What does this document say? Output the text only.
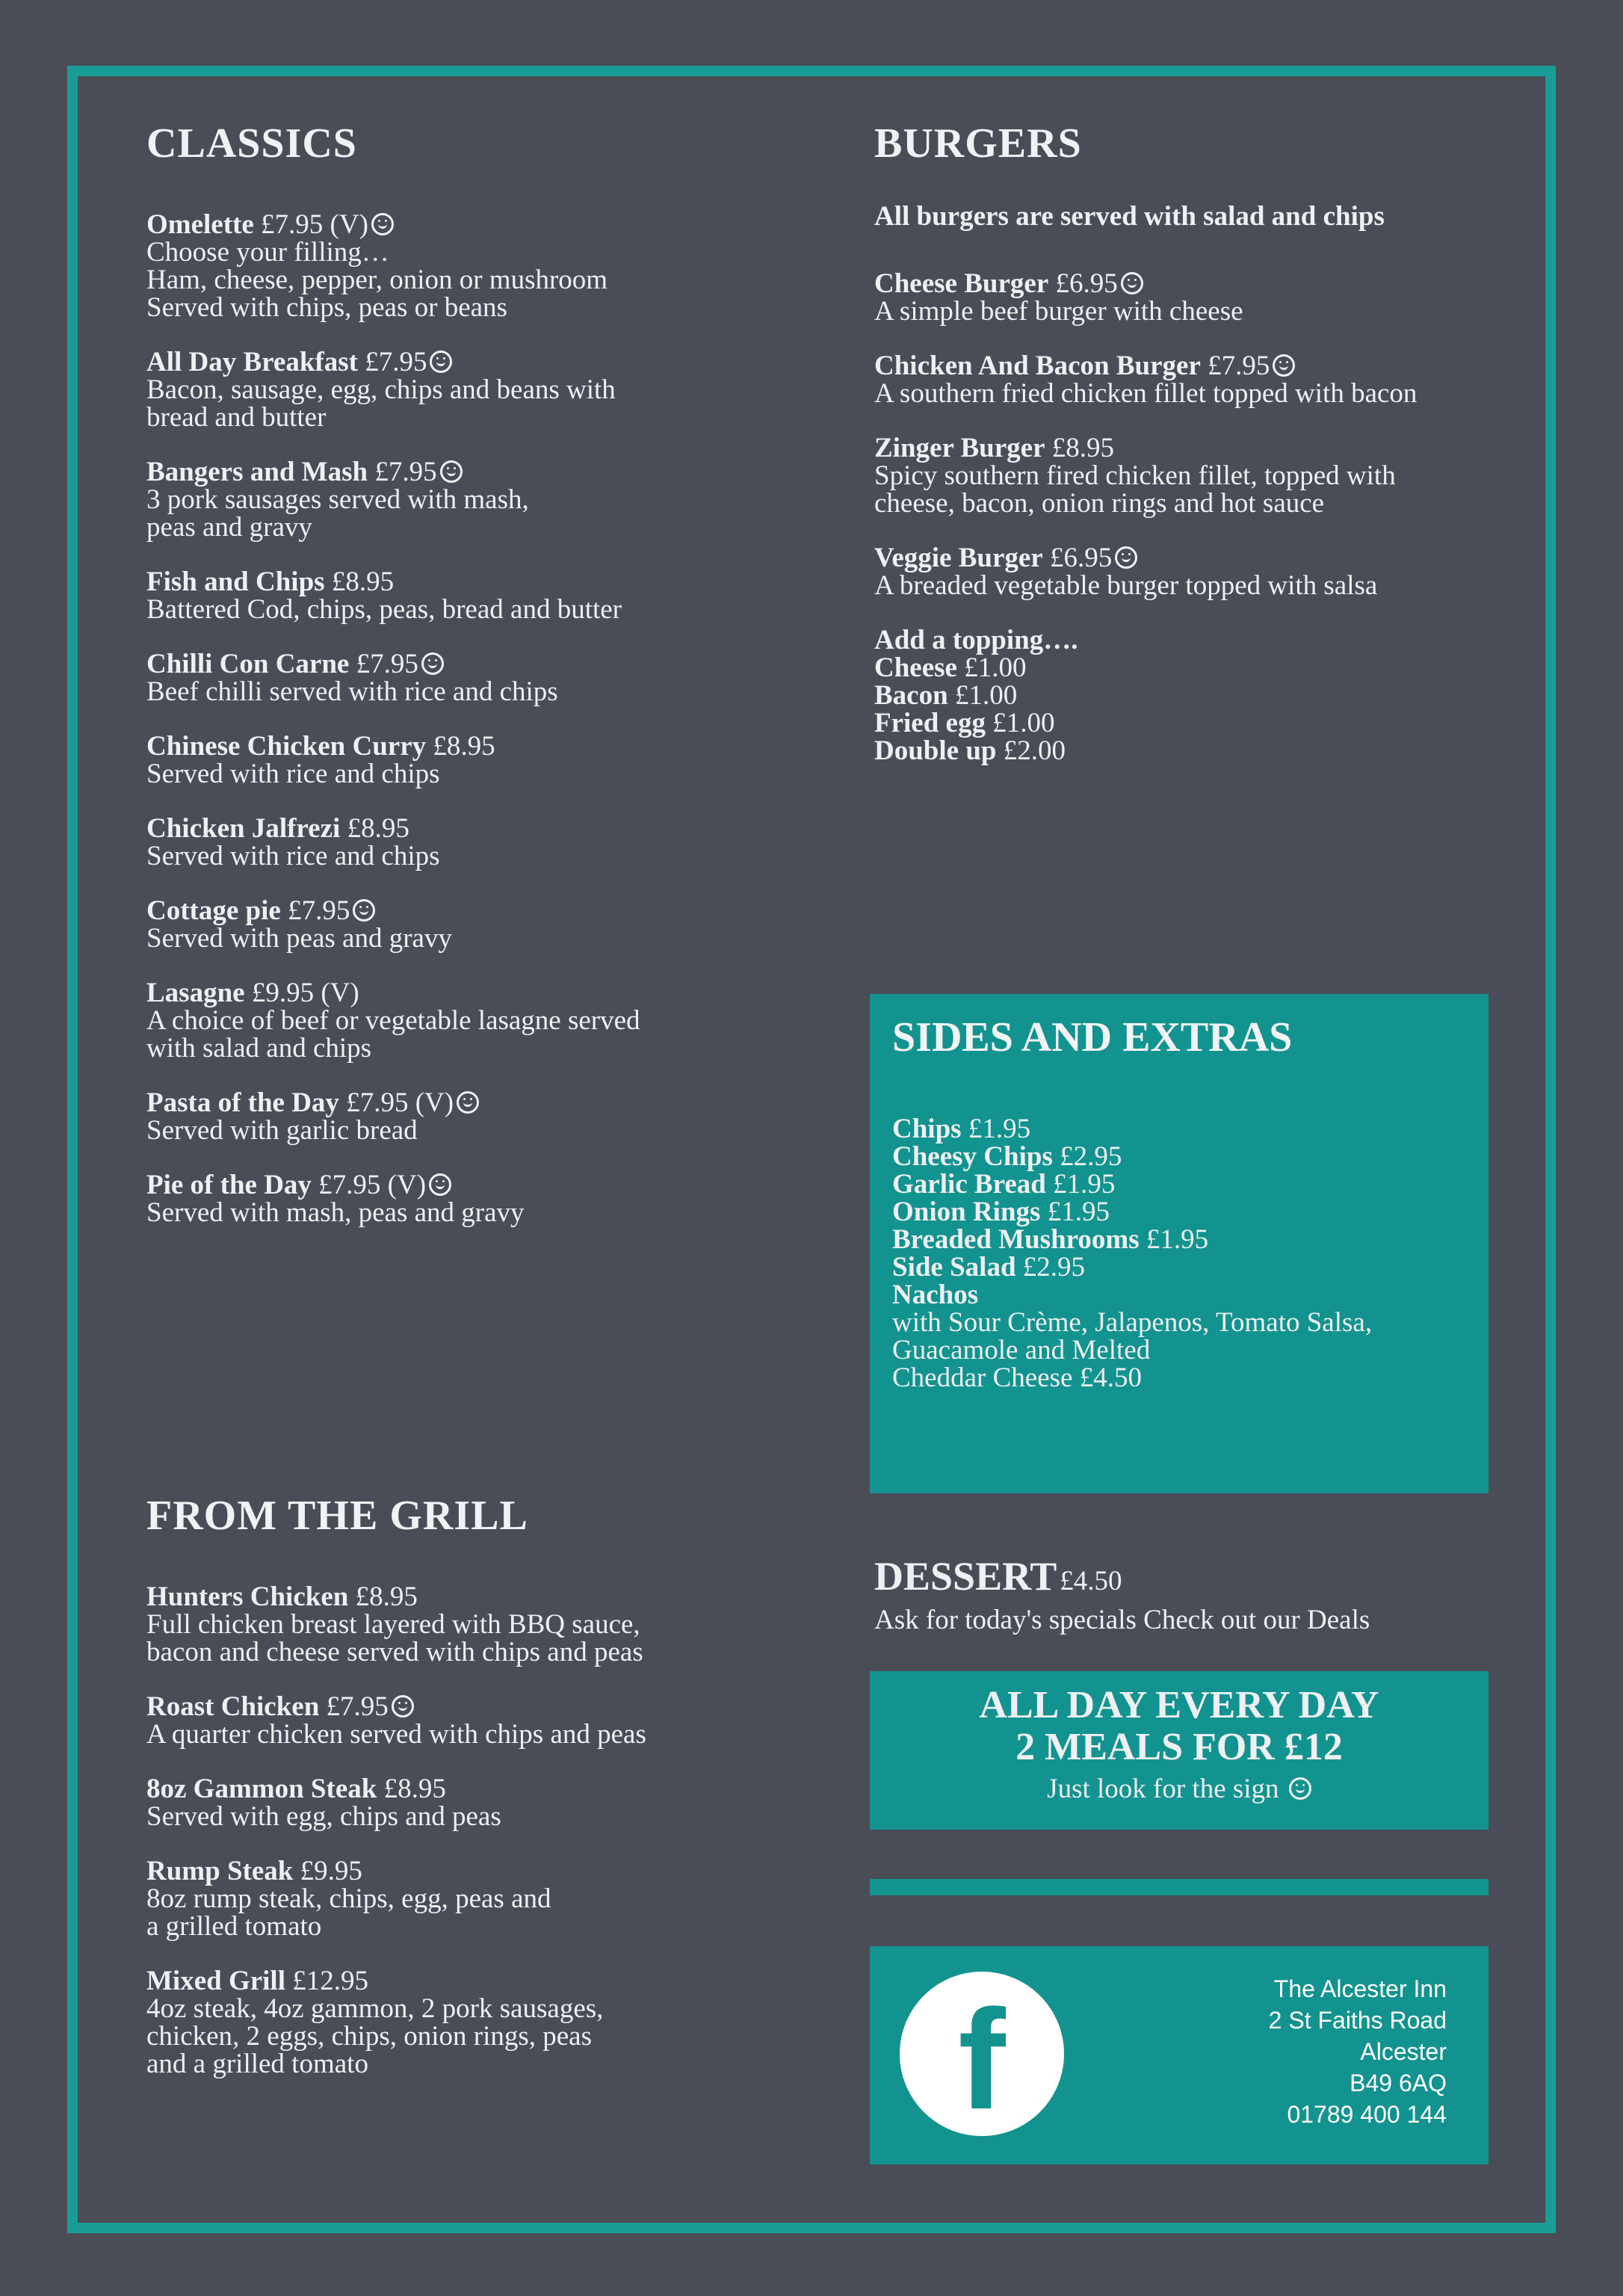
CLASSICS
Omelette £7.95 (V)
Choose your filling…
Ham, cheese, pepper, onion or mushroom
Served with chips, peas or beans
All Day Breakfast £7.95
Bacon, sausage, egg, chips and beans with
bread and butter
Bangers and Mash £7.95
3 pork sausages served with mash,
peas and gravy
Fish and Chips £8.95
Battered Cod, chips, peas, bread and butter
Chilli Con Carne £7.95
Beef chilli served with rice and chips
Chinese Chicken Curry £8.95
Served with rice and chips
Chicken Jalfrezi £8.95
Served with rice and chips
Cottage pie £7.95
Served with peas and gravy
Lasagne £9.95 (V)
A choice of beef or vegetable lasagne served
with salad and chips
Pasta of the Day £7.95 (V)
Served with garlic bread
Pie of the Day £7.95 (V)
Served with mash, peas and gravy
FROM THE GRILL
Hunters Chicken £8.95
Full chicken breast layered with BBQ sauce,
bacon and cheese served with chips and peas
Roast Chicken £7.95
A quarter chicken served with chips and peas
8oz Gammon Steak £8.95
Served with egg, chips and peas
Rump Steak £9.95
8oz rump steak, chips, egg, peas and
a grilled tomato
Mixed Grill £12.95
4oz steak, 4oz gammon, 2 pork sausages,
chicken, 2 eggs, chips, onion rings, peas
and a grilled tomato
BURGERS
All burgers are served with salad and chips
Cheese Burger £6.95
A simple beef burger with cheese
Chicken And Bacon Burger £7.95
A southern fried chicken fillet topped with bacon
Zinger Burger £8.95
Spicy southern fired chicken fillet, topped with
cheese, bacon, onion rings and hot sauce
Veggie Burger £6.95
A breaded vegetable burger topped with salsa
Add a topping….
Cheese £1.00
Bacon £1.00
Fried egg £1.00
Double up £2.00
SIDES AND EXTRAS
Chips £1.95
Cheesy Chips £2.95
Garlic Bread £1.95
Onion Rings £1.95
Breaded Mushrooms £1.95
Side Salad £2.95
Nachos
with Sour Crème, Jalapenos, Tomato Salsa,
Guacamole and Melted
Cheddar Cheese £4.50
DESSERT £4.50
Ask for today's specials Check out our Deals
ALL DAY EVERY DAY
2 MEALS FOR £12
Just look for the sign
f	The Alcester Inn
2 St Faiths Road
Alcester
B49 6AQ
01789 400 144
